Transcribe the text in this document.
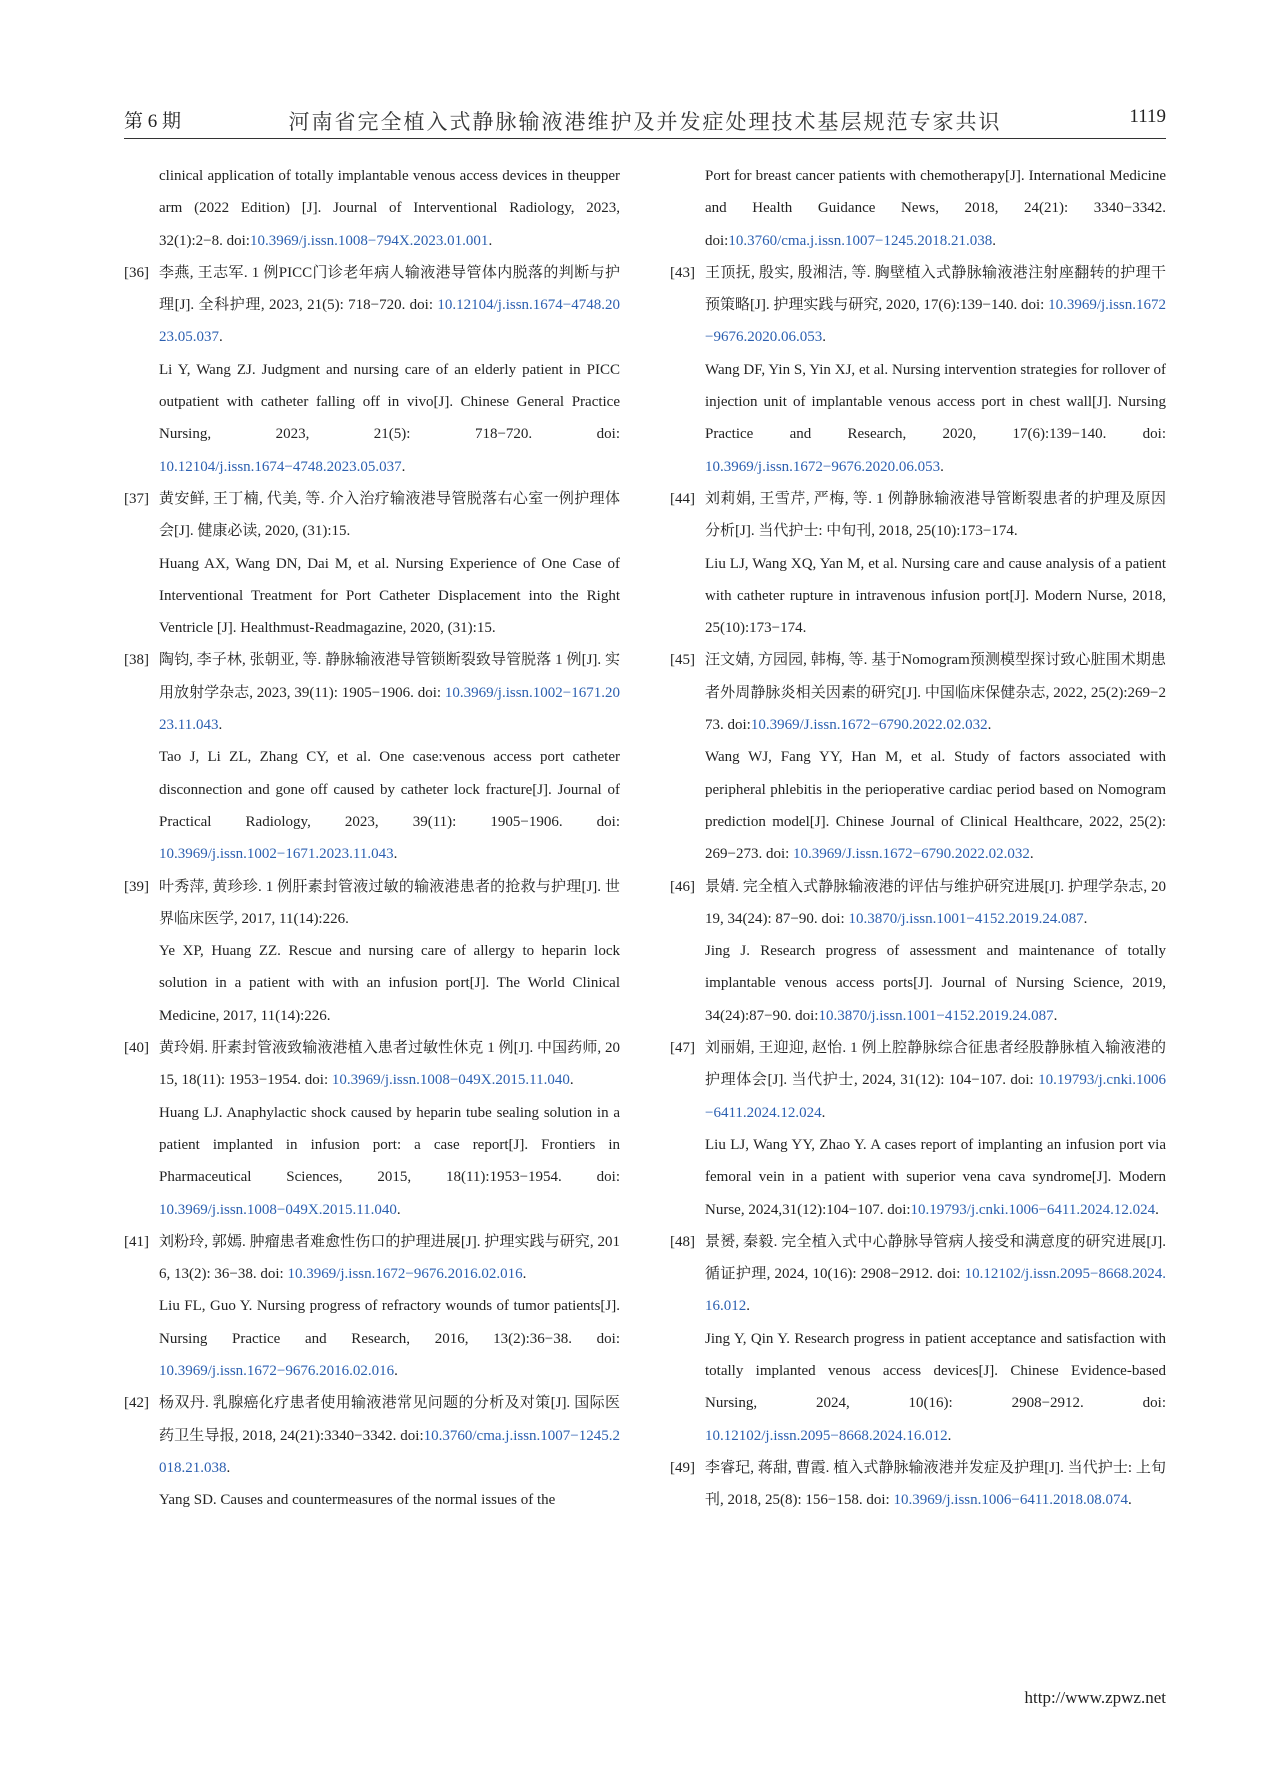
第 6 期	河南省完全植入式静脉输液港维护及并发症处理技术基层规范专家共识	1119
clinical application of totally implantable venous access devices in theupper arm (2022 Edition) [J]. Journal of Interventional Radiology, 2023, 32(1):2−8. doi:10.3969/j.issn.1008−794X.2023.01.001.
[36] 李燕, 王志军. 1 例PICC门诊老年病人输液港导管体内脱落的判断与护理[J]. 全科护理, 2023, 21(5): 718−720. doi: 10.12104/j.issn.1674−4748.2023.05.037.
Li Y, Wang ZJ. Judgment and nursing care of an elderly patient in PICC outpatient with catheter falling off in vivo[J]. Chinese General Practice Nursing, 2023, 21(5): 718−720. doi: 10.12104/j.issn.1674−4748.2023.05.037.
[37] 黄安鲜, 王丁楠, 代美, 等. 介入治疗输液港导管脱落右心室一例护理体会[J]. 健康必读, 2020, (31):15.
Huang AX, Wang DN, Dai M, et al. Nursing Experience of One Case of Interventional Treatment for Port Catheter Displacement into the Right Ventricle [J]. Healthmust-Readmagazine, 2020, (31):15.
[38] 陶钧, 李子林, 张朝亚, 等. 静脉输液港导管锁断裂致导管脱落 1 例[J]. 实用放射学杂志, 2023, 39(11): 1905−1906. doi: 10.3969/j.issn.1002−1671.2023.11.043.
Tao J, Li ZL, Zhang CY, et al. One case:venous access port catheter disconnection and gone off caused by catheter lock fracture[J]. Journal of Practical Radiology, 2023, 39(11): 1905−1906. doi: 10.3969/j.issn.1002−1671.2023.11.043.
[39] 叶秀萍, 黄珍珍. 1 例肝素封管液过敏的输液港患者的抢救与护理[J]. 世界临床医学, 2017, 11(14):226.
Ye XP, Huang ZZ. Rescue and nursing care of allergy to heparin lock solution in a patient with with an infusion port[J]. The World Clinical Medicine, 2017, 11(14):226.
[40] 黄玲娟. 肝素封管液致输液港植入患者过敏性休克 1 例[J]. 中国药师, 2015, 18(11): 1953−1954. doi: 10.3969/j.issn.1008−049X.2015.11.040.
Huang LJ. Anaphylactic shock caused by heparin tube sealing solution in a patient implanted in infusion port: a case report[J]. Frontiers in Pharmaceutical Sciences, 2015, 18(11):1953−1954. doi: 10.3969/j.issn.1008−049X.2015.11.040.
[41] 刘粉玲, 郭嫣. 肿瘤患者难愈性伤口的护理进展[J]. 护理实践与研究, 2016, 13(2): 36−38. doi: 10.3969/j.issn.1672−9676.2016.02.016.
Liu FL, Guo Y. Nursing progress of refractory wounds of tumor patients[J]. Nursing Practice and Research, 2016, 13(2):36−38. doi: 10.3969/j.issn.1672−9676.2016.02.016.
[42] 杨双丹. 乳腺癌化疗患者使用输液港常见问题的分析及对策[J]. 国际医药卫生导报, 2018, 24(21):3340−3342. doi:10.3760/cma.j.issn.1007−1245.2018.21.038.
Yang SD. Causes and countermeasures of the normal issues of the
Port for breast cancer patients with chemotherapy[J]. International Medicine and Health Guidance News, 2018, 24(21): 3340−3342. doi:10.3760/cma.j.issn.1007−1245.2018.21.038.
[43] 王顶抚, 殷实, 殷湘洁, 等. 胸壁植入式静脉输液港注射座翻转的护理干预策略[J]. 护理实践与研究, 2020, 17(6):139−140. doi: 10.3969/j.issn.1672−9676.2020.06.053.
Wang DF, Yin S, Yin XJ, et al. Nursing intervention strategies for rollover of injection unit of implantable venous access port in chest wall[J]. Nursing Practice and Research, 2020, 17(6):139−140. doi: 10.3969/j.issn.1672−9676.2020.06.053.
[44] 刘莉娟, 王雪芹, 严梅, 等. 1 例静脉输液港导管断裂患者的护理及原因分析[J]. 当代护士: 中旬刊, 2018, 25(10):173−174.
Liu LJ, Wang XQ, Yan M, et al. Nursing care and cause analysis of a patient with catheter rupture in intravenous infusion port[J]. Modern Nurse, 2018, 25(10):173−174.
[45] 汪文婧, 方园园, 韩梅, 等. 基于Nomogram预测模型探讨致心脏围术期患者外周静脉炎相关因素的研究[J]. 中国临床保健杂志, 2022, 25(2):269−273. doi:10.3969/J.issn.1672−6790.2022.02.032.
Wang WJ, Fang YY, Han M, et al. Study of factors associated with peripheral phlebitis in the perioperative cardiac period based on Nomogram prediction model[J]. Chinese Journal of Clinical Healthcare, 2022, 25(2): 269−273. doi: 10.3969/J.issn.1672−6790.2022.02.032.
[46] 景婧. 完全植入式静脉输液港的评估与维护研究进展[J]. 护理学杂志, 2019, 34(24): 87−90. doi: 10.3870/j.issn.1001−4152.2019.24.087.
Jing J. Research progress of assessment and maintenance of totally implantable venous access ports[J]. Journal of Nursing Science, 2019, 34(24):87−90. doi:10.3870/j.issn.1001−4152.2019.24.087.
[47] 刘丽娟, 王迎迎, 赵怡. 1 例上腔静脉综合征患者经股静脉植入输液港的护理体会[J]. 当代护士, 2024, 31(12): 104−107. doi: 10.19793/j.cnki.1006−6411.2024.12.024.
Liu LJ, Wang YY, Zhao Y. A cases report of implanting an infusion port via femoral vein in a patient with superior vena cava syndrome[J]. Modern Nurse, 2024,31(12):104−107. doi:10.19793/j.cnki.1006−6411.2024.12.024.
[48] 景赟, 秦毅. 完全植入式中心静脉导管病人接受和满意度的研究进展[J]. 循证护理, 2024, 10(16): 2908−2912. doi: 10.12102/j.issn.2095−8668.2024.16.012.
Jing Y, Qin Y. Research progress in patient acceptance and satisfaction with totally implanted venous access devices[J]. Chinese Evidence-based Nursing, 2024, 10(16): 2908−2912. doi: 10.12102/j.issn.2095−8668.2024.16.012.
[49] 李睿玘, 蒋甜, 曹霞. 植入式静脉输液港并发症及护理[J]. 当代护士: 上旬刊, 2018, 25(8): 156−158. doi: 10.3969/j.issn.1006−6411.2018.08.074.
http://www.zpwz.net
